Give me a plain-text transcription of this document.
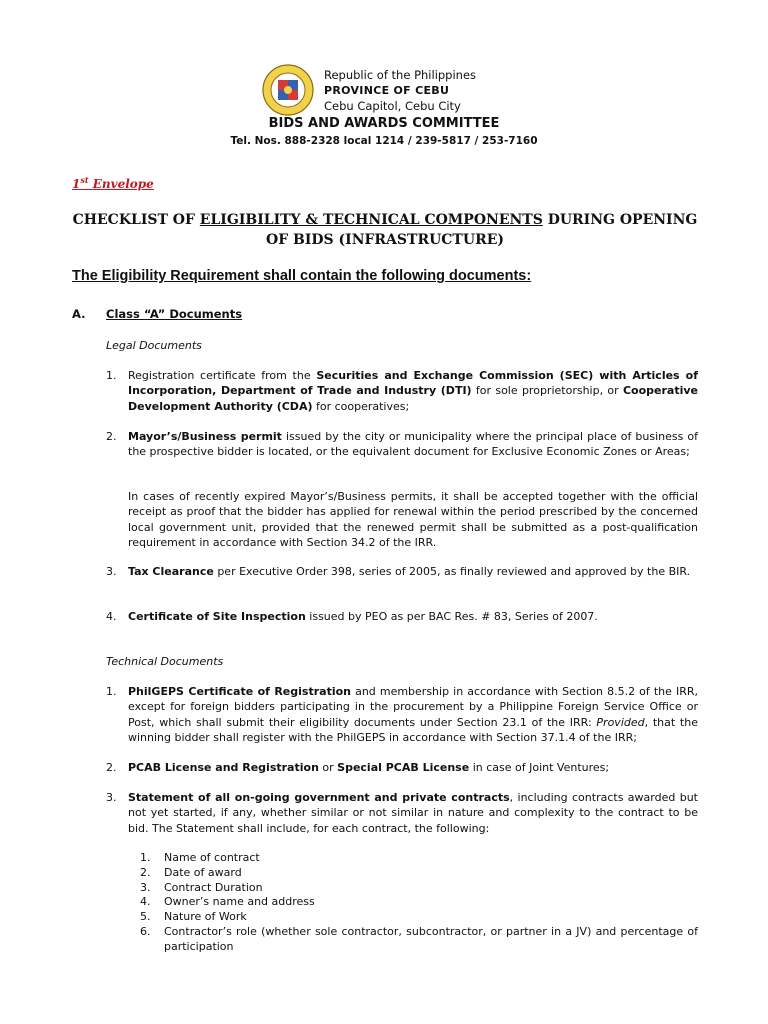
Republic of the Philippines
PROVINCE OF CEBU
Cebu Capitol, Cebu City
BIDS AND AWARDS COMMITTEE
Tel. Nos. 888-2328 local 1214 / 239-5817 / 253-7160
1st Envelope
CHECKLIST OF ELIGIBILITY & TECHNICAL COMPONENTS DURING OPENING
OF BIDS (INFRASTRUCTURE)
The Eligibility Requirement shall contain the following documents:
A. Class “A” Documents
Legal Documents
1. Registration certificate from the Securities and Exchange Commission (SEC) with Articles of Incorporation, Department of Trade and Industry (DTI) for sole proprietorship, or Cooperative Development Authority (CDA) for cooperatives;
2. Mayor’s/Business permit issued by the city or municipality where the principal place of business of the prospective bidder is located, or the equivalent document for Exclusive Economic Zones or Areas;
In cases of recently expired Mayor’s/Business permits, it shall be accepted together with the official receipt as proof that the bidder has applied for renewal within the period prescribed by the concerned local government unit, provided that the renewed permit shall be submitted as a post-qualification requirement in accordance with Section 34.2 of the IRR.
3. Tax Clearance per Executive Order 398, series of 2005, as finally reviewed and approved by the BIR.
4. Certificate of Site Inspection issued by PEO as per BAC Res. # 83, Series of 2007.
Technical Documents
1. PhilGEPS Certificate of Registration and membership in accordance with Section 8.5.2 of the IRR, except for foreign bidders participating in the procurement by a Philippine Foreign Service Office or Post, which shall submit their eligibility documents under Section 23.1 of the IRR: Provided, that the winning bidder shall register with the PhilGEPS in accordance with Section 37.1.4 of the IRR;
2. PCAB License and Registration or Special PCAB License in case of Joint Ventures;
3. Statement of all on-going government and private contracts, including contracts awarded but not yet started, if any, whether similar or not similar in nature and complexity to the contract to be bid. The Statement shall include, for each contract, the following:
1. Name of contract
2. Date of award
3. Contract Duration
4. Owner’s name and address
5. Nature of Work
6. Contractor’s role (whether sole contractor, subcontractor, or partner in a JV) and percentage of participation
